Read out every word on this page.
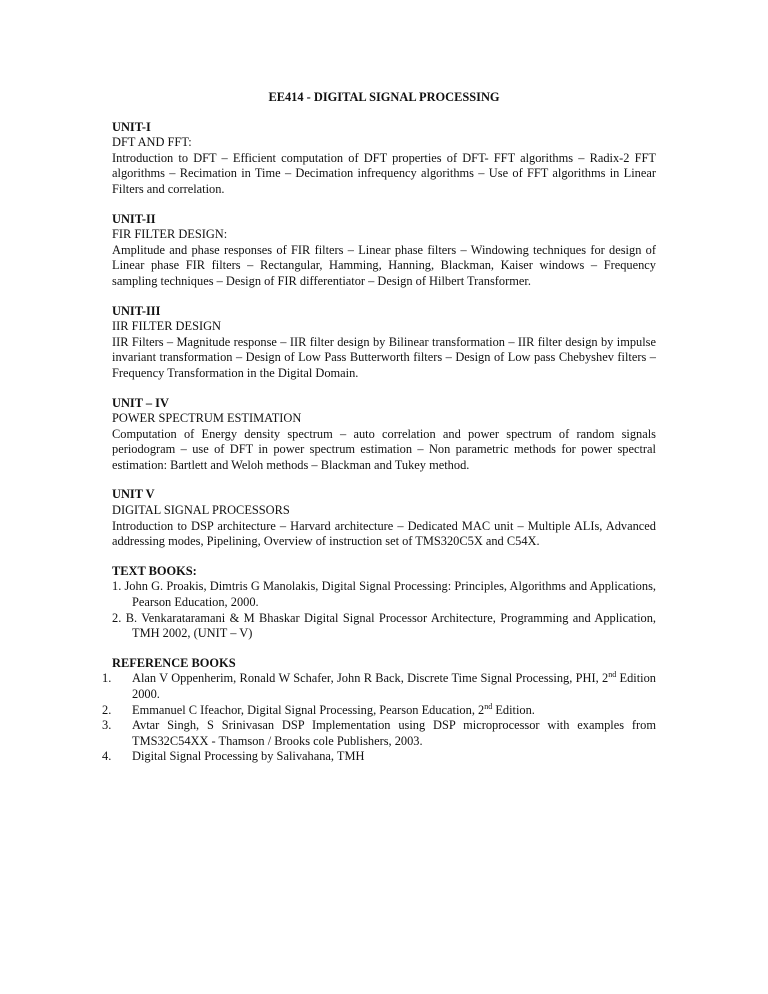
EE414 - DIGITAL SIGNAL PROCESSING
UNIT-I
DFT AND FFT:
Introduction to DFT – Efficient computation of DFT properties of DFT- FFT algorithms – Radix-2 FFT algorithms – Recimation in Time – Decimation infrequency algorithms – Use of FFT algorithms in Linear Filters and correlation.
UNIT-II
FIR FILTER DESIGN:
Amplitude and phase responses of FIR filters – Linear phase filters – Windowing techniques for design of Linear phase FIR filters – Rectangular, Hamming, Hanning, Blackman, Kaiser windows – Frequency sampling techniques – Design of FIR differentiator – Design of Hilbert Transformer.
UNIT-III
IIR FILTER DESIGN
IIR Filters – Magnitude response – IIR filter design by Bilinear transformation – IIR filter design by impulse invariant transformation – Design of Low Pass Butterworth filters – Design of Low pass Chebyshev filters – Frequency Transformation in the Digital Domain.
UNIT – IV
POWER SPECTRUM ESTIMATION
Computation of Energy density spectrum – auto correlation and power spectrum of random signals periodogram – use of DFT in power spectrum estimation – Non parametric methods for power spectral estimation: Bartlett and Weloh methods – Blackman and Tukey method.
UNIT V
DIGITAL SIGNAL PROCESSORS
Introduction to DSP architecture – Harvard architecture – Dedicated MAC unit – Multiple ALIs, Advanced addressing modes, Pipelining, Overview of instruction set of TMS320C5X and C54X.
TEXT BOOKS:
1. John G. Proakis, Dimtris G Manolakis, Digital Signal Processing: Principles, Algorithms and Applications, Pearson Education, 2000.
2. B. Venkarataramani & M Bhaskar Digital Signal Processor Architecture, Programming and Application, TMH 2002, (UNIT – V)
REFERENCE BOOKS
1.	Alan V Oppenherim, Ronald W Schafer, John R Back, Discrete Time Signal Processing, PHI, 2nd Edition 2000.
2.	Emmanuel C Ifeachor, Digital Signal Processing, Pearson Education, 2nd Edition.
3.	Avtar Singh, S Srinivasan DSP Implementation using DSP microprocessor with examples from TMS32C54XX - Thamson / Brooks cole Publishers, 2003.
4.	Digital Signal Processing by Salivahana, TMH
